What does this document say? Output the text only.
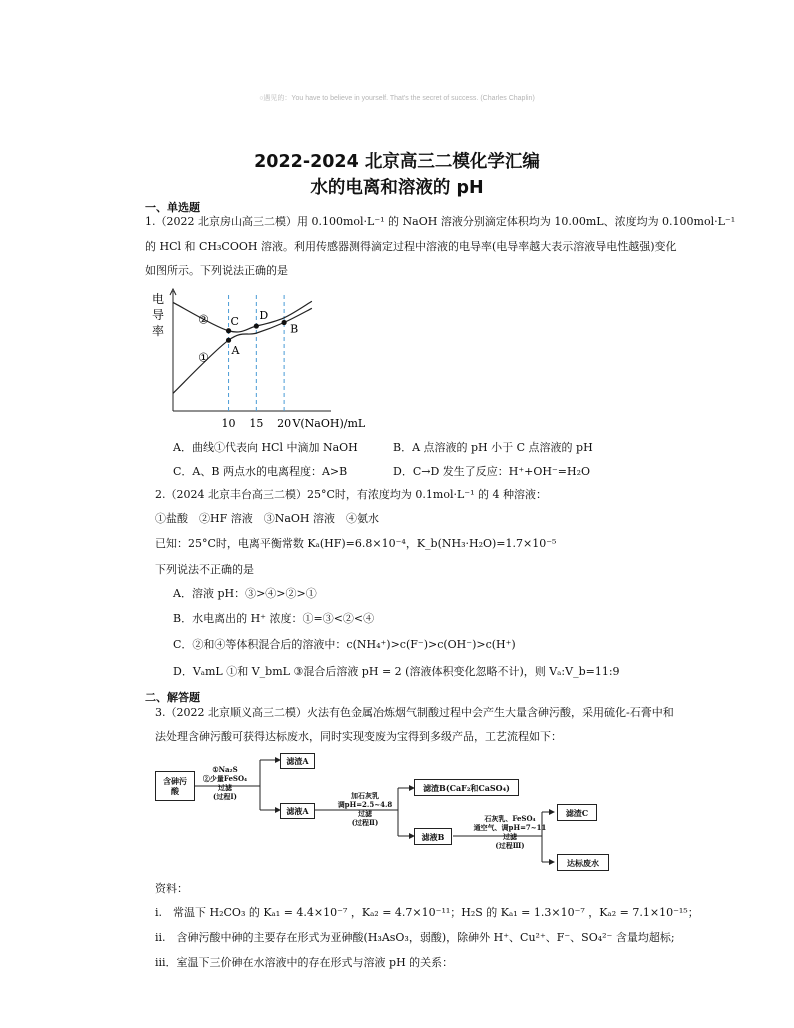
○遇见的：You have to believe in yourself. That's the secret of success. (Charles Chaplin)
2022-2024 北京高三二模化学汇编
水的电离和溶液的 pH
一、单选题
1.（2022 北京房山高三二模）用 0.100mol·L⁻¹ 的 NaOH 溶液分别滴定体积均为 10.00mL、浓度均为 0.100mol·L⁻¹
的 HCl 和 CH₃COOH 溶液。利用传感器测得滴定过程中溶液的电导率(电导率越大表示溶液导电性越强)变化
如图所示。下列说法正确的是
电
导
率
10 15 20 V(NaOH)/mL
②
① A
C D
B
A．曲线①代表向 HCl 中滴加 NaOH	B．A 点溶液的 pH 小于 C 点溶液的 pH
C．A、B 两点水的电离程度：A>B	D．C→D 发生了反应：H⁺+OH⁻=H₂O
2.（2024 北京丰台高三二模）25°C时，有浓度均为 0.1mol·L⁻¹ 的 4 种溶液：
①盐酸　②HF 溶液　③NaOH 溶液　④氨水
已知：25°C时，电离平衡常数 Kₐ(HF)=6.8×10⁻⁴，K_b(NH₃·H₂O)=1.7×10⁻⁵
下列说法不正确的是
A．溶液 pH：③>④>②>①
B．水电离出的 H⁺ 浓度：①=③<②<④
C．②和④等体积混合后的溶液中：c(NH₄⁺)>c(F⁻)>c(OH⁻)>c(H⁺)
D．VₐmL ①和 V_bmL ③混合后溶液 pH = 2 (溶液体积变化忽略不计)，则 Vₐ:V_b=11:9
二、解答题
3.（2022 北京顺义高三二模）火法有色金属冶炼烟气制酸过程中会产生大量含砷污酸，采用硫化-石膏中和
法处理含砷污酸可获得达标废水，同时实现变废为宝得到多级产品，工艺流程如下：
含砷污酸
①Na₂S
②少量FeSO₄
过滤
(过程Ⅰ)
滤渣A
滤液A
加石灰乳
调pH=2.5~4.8
过滤
(过程Ⅱ)
滤渣B(CaF₂和CaSO₄)
滤液B
石灰乳、FeSO₄
通空气、调pH=7~11
过滤
(过程Ⅲ)
滤渣C
达标废水
资料：
i.　常温下 H₂CO₃ 的 Kₐ₁ = 4.4×10⁻⁷ ，Kₐ₂ = 4.7×10⁻¹¹；H₂S 的 Kₐ₁ = 1.3×10⁻⁷ ，Kₐ₂ = 7.1×10⁻¹⁵；
ii.　含砷污酸中砷的主要存在形式为亚砷酸(H₃AsO₃，弱酸)，除砷外 H⁺、Cu²⁺、F⁻、SO₄²⁻ 含量均超标;
iii．室温下三价砷在水溶液中的存在形式与溶液 pH 的关系：
